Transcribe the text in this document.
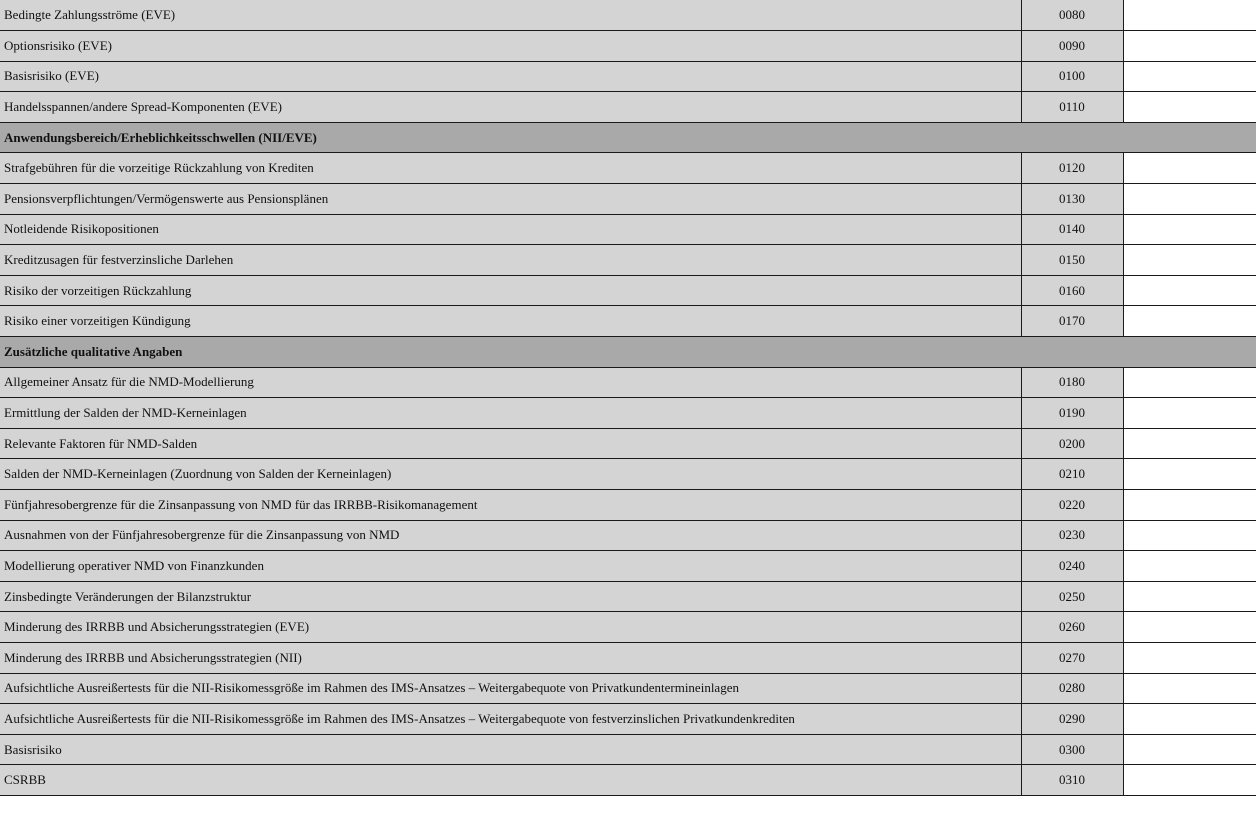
Bedingte Zahlungsströme (EVE)	0080	
Optionsrisiko (EVE)	0090	
Basisrisiko (EVE)	0100	
Handelsspannen/andere Spread-Komponenten (EVE)	0110	
Anwendungsbereich/Erheblichkeitsschwellen (NII/EVE)		
Strafgebühren für die vorzeitige Rückzahlung von Krediten	0120	
Pensionsverpflichtungen/Vermögenswerte aus Pensionsplänen	0130	
Notleidende Risikopositionen	0140	
Kreditzusagen für festverzinsliche Darlehen	0150	
Risiko der vorzeitigen Rückzahlung	0160	
Risiko einer vorzeitigen Kündigung	0170	
Zusätzliche qualitative Angaben		
Allgemeiner Ansatz für die NMD-Modellierung	0180	
Ermittlung der Salden der NMD-Kerneinlagen	0190	
Relevante Faktoren für NMD-Salden	0200	
Salden der NMD-Kerneinlagen (Zuordnung von Salden der Kerneinlagen)	0210	
Fünfjahresobergrenze für die Zinsanpassung von NMD für das IRRBB-Risikomanagement	0220	
Ausnahmen von der Fünfjahresobergrenze für die Zinsanpassung von NMD	0230	
Modellierung operativer NMD von Finanzkunden	0240	
Zinsbedingte Veränderungen der Bilanzstruktur	0250	
Minderung des IRRBB und Absicherungsstrategien (EVE)	0260	
Minderung des IRRBB und Absicherungsstrategien (NII)	0270	
Aufsichtliche Ausreißertests für die NII-Risikomessgröße im Rahmen des IMS-Ansatzes – Weitergabequote von Privatkundentermineinlagen	0280	
Aufsichtliche Ausreißertests für die NII-Risikomessgröße im Rahmen des IMS-Ansatzes – Weitergabequote von festverzinslichen Privatkundenkrediten	0290	
Basisrisiko	0300	
CSRBB	0310	
